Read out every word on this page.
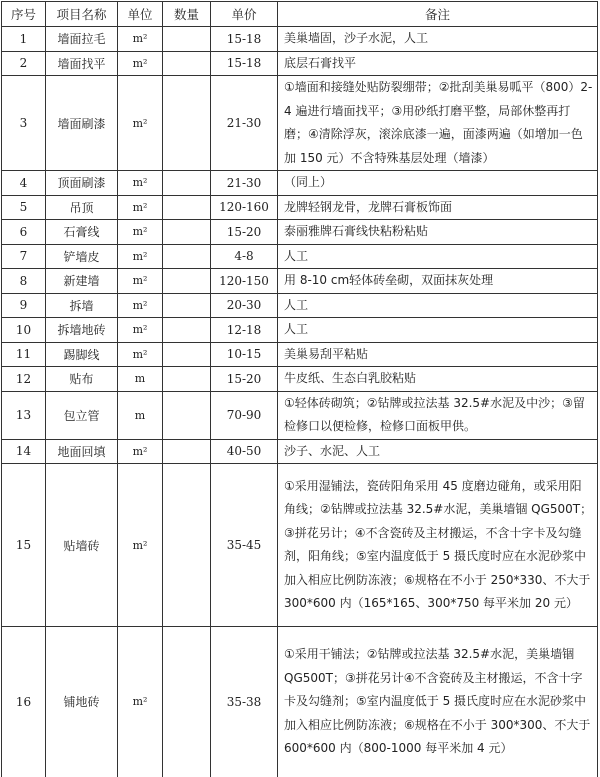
序号	项目名称	单位	数量	单价	备注
1	墙面拉毛	m²		15-18	美巢墙固，沙子水泥，人工
2	墙面找平	m²		15-18	底层石膏找平
3	墙面刷漆	m²		21-30	①墙面和接缝处贴防裂绷带；②批刮美巢易呱平（800）2-4 遍进行墙面找平；③用砂纸打磨平整，局部休整再打磨；④清除浮灰，滚涂底漆一遍，面漆两遍（如增加一色加 150 元）不含特殊基层处理（墙漆）
4	顶面刷漆	m²		21-30	（同上）
5	吊顶	m²		120-160	龙牌轻钢龙骨，龙牌石膏板饰面
6	石膏线	m²		15-20	泰丽雅牌石膏线快粘粉粘贴
7	铲墙皮	m²		4-8	人工
8	新建墙	m²		120-150	用 8-10 cm轻体砖垒砌，双面抹灰处理
9	拆墙	m²		20-30	人工
10	拆墙地砖	m²		12-18	人工
11	踢脚线	m²		10-15	美巢易刮平粘贴
12	贴布	m		15-20	牛皮纸、生态白乳胶粘贴
13	包立管	m		70-90	①轻体砖砌筑；②钻牌或拉法基 32.5#水泥及中沙；③留检修口以便检修，检修口面板甲供。
14	地面回填	m²		40-50	沙子、水泥、人工
15	贴墙砖	m²		35-45	①采用湿铺法，瓷砖阳角采用 45 度磨边碰角，或采用阳角线；②钻牌或拉法基 32.5#水泥，美巢墙锢 QG500T；③拼花另计；④不含瓷砖及主材搬运，不含十字卡及勾缝剂，阳角线；⑤室内温度低于 5 摄氏度时应在水泥砂浆中加入相应比例防冻液；⑥规格在不小于 250*330、不大于 300*600 内（165*165、300*750 每平米加 20 元）
16	铺地砖	m²		35-38	①采用干铺法；②钻牌或拉法基 32.5#水泥，美巢墙锢 QG500T；③拼花另计④不含瓷砖及主材搬运，不含十字卡及勾缝剂；⑤室内温度低于 5 摄氏度时应在水泥砂浆中加入相应比例防冻液；⑥规格在不小于 300*300、不大于 600*600 内（800-1000 每平米加 4 元）
